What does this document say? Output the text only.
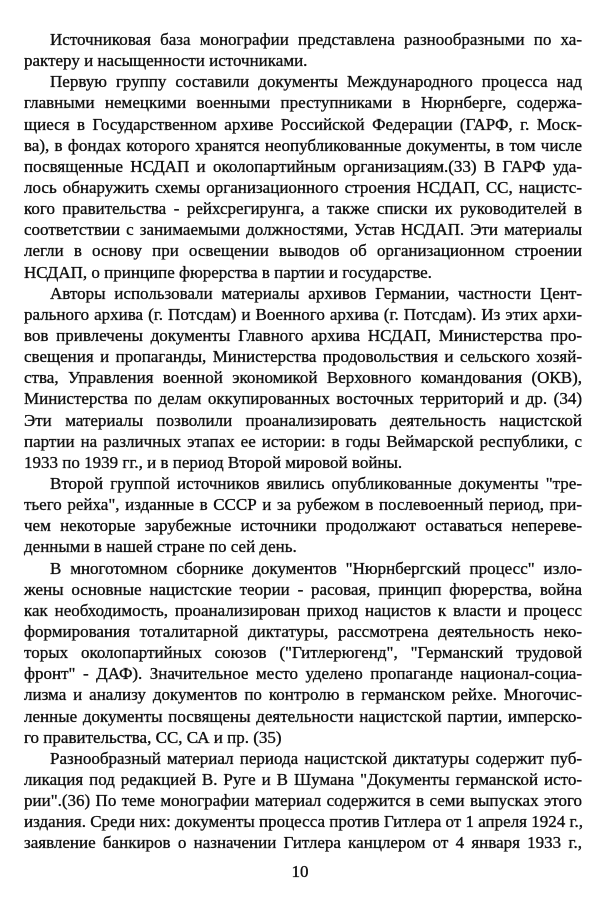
Источниковая база монографии представлена разнообразными по ха-
рактеру и насыщенности источниками.
Первую группу составили документы Международного процесса над
главными немецкими военными преступниками в Нюрнберге, содержа-
щиеся в Государственном архиве Российской Федерации (ГАРФ, г. Моск-
ва), в фондах которого хранятся неопубликованные документы, в том числе
посвященные НСДАП и околопартийным организациям.(33) В ГАРФ уда-
лось обнаружить схемы организационного строения НСДАП, СС, нацистс-
кого правительства - рейхсрегирунга, а также списки их руководителей в
соответствии с занимаемыми должностями, Устав НСДАП. Эти материалы
легли в основу при освещении выводов об организационном строении
НСДАП, о принципе фюрерства в партии и государстве.
Авторы использовали материалы архивов Германии, частности Цент-
рального архива (г. Потсдам) и Военного архива (г. Потсдам). Из этих архи-
вов привлечены документы Главного архива НСДАП, Министерства про-
свещения и пропаганды, Министерства продовольствия и сельского хозяй-
ства, Управления военной экономикой Верховного командования (ОКВ),
Министерства по делам оккупированных восточных территорий и др. (34)
Эти материалы позволили проанализировать деятельность нацистской
партии на различных этапах ее истории: в годы Веймарской республики, с
1933 по 1939 гг., и в период Второй мировой войны.
Второй группой источников явились опубликованные документы "тре-
тьего рейха", изданные в СССР и за рубежом в послевоенный период, при-
чем некоторые зарубежные источники продолжают оставаться непереве-
денными в нашей стране по сей день.
В многотомном сборнике документов "Нюрнбергский процесс" изло-
жены основные нацистские теории - расовая, принцип фюрерства, война
как необходимость, проанализирован приход нацистов к власти и процесс
формирования тоталитарной диктатуры, рассмотрена деятельность неко-
торых околопартийных союзов ("Гитлерюгенд", "Германский трудовой
фронт" - ДАФ). Значительное место уделено пропаганде национал-социа-
лизма и анализу документов по контролю в германском рейхе. Многочис-
ленные документы посвящены деятельности нацистской партии, имперско-
го правительства, СС, СА и пр. (35)
Разнообразный материал периода нацистской диктатуры содержит пуб-
ликация под редакцией В. Руге и В Шумана "Документы германской исто-
рии".(36) По теме монографии материал содержится в семи выпусках этого
издания. Среди них: документы процесса против Гитлера от 1 апреля 1924 г.,
заявление банкиров о назначении Гитлера канцлером от 4 января 1933 г.,
10
